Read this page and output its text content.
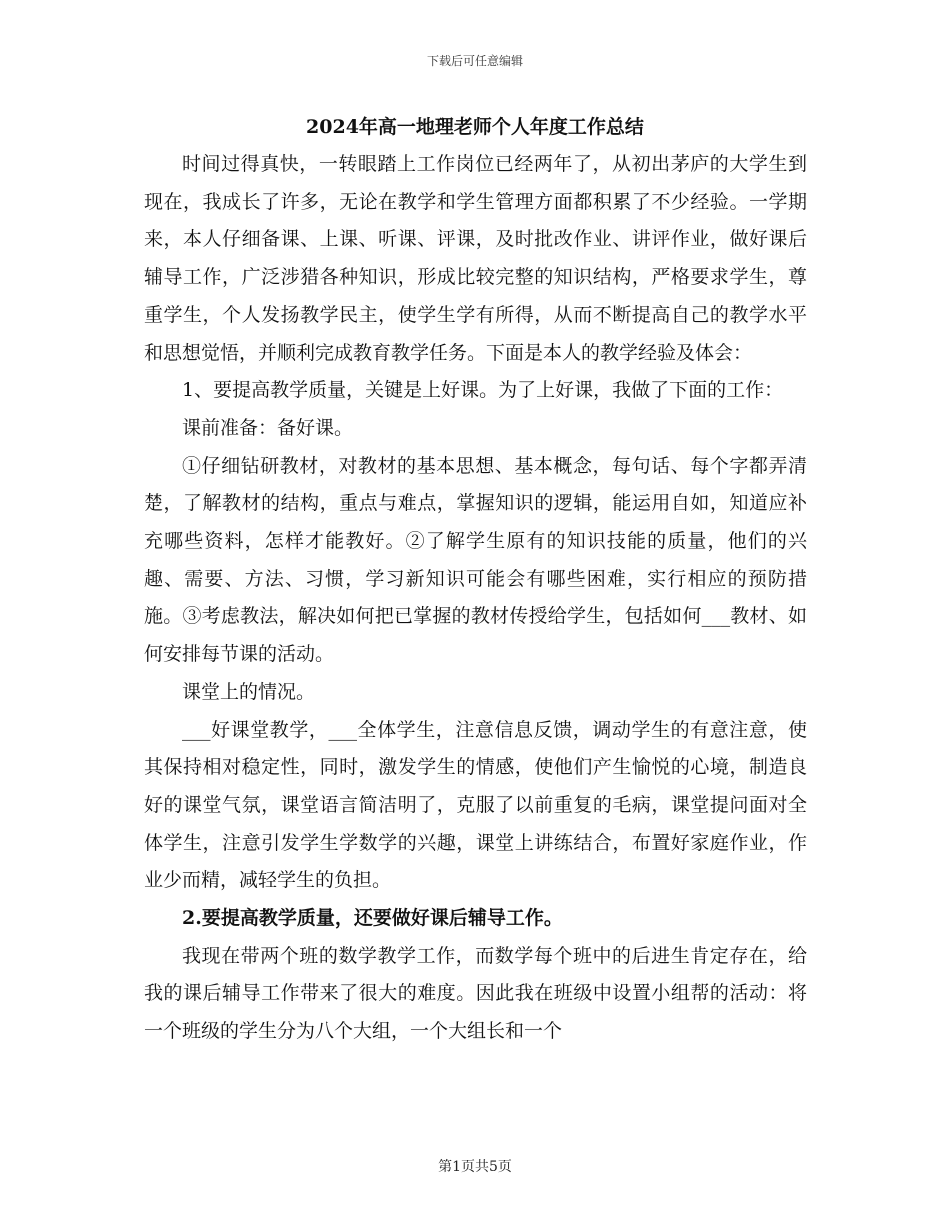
下载后可任意编辑
2024年高一地理老师个人年度工作总结

时间过得真快，一转眼踏上工作岗位已经两年了，从初出茅庐的大学生到现在，我成长了许多，无论在教学和学生管理方面都积累了不少经验。一学期来，本人仔细备课、上课、听课、评课，及时批改作业、讲评作业，做好课后辅导工作，广泛涉猎各种知识，形成比较完整的知识结构，严格要求学生，尊重学生，个人发扬教学民主，使学生学有所得，从而不断提高自己的教学水平和思想觉悟，并顺利完成教育教学任务。下面是本人的教学经验及体会：

1、要提高教学质量，关键是上好课。为了上好课，我做了下面的工作：

课前准备：备好课。

①仔细钻研教材，对教材的基本思想、基本概念，每句话、每个字都弄清楚，了解教材的结构，重点与难点，掌握知识的逻辑，能运用自如，知道应补充哪些资料，怎样才能教好。②了解学生原有的知识技能的质量，他们的兴趣、需要、方法、习惯，学习新知识可能会有哪些困难，实行相应的预防措施。③考虑教法，解决如何把已掌握的教材传授给学生，包括如何___教材、如何安排每节课的活动。

课堂上的情况。

___好课堂教学，___全体学生，注意信息反馈，调动学生的有意注意，使其保持相对稳定性，同时，激发学生的情感，使他们产生愉悦的心境，制造良好的课堂气氛，课堂语言简洁明了，克服了以前重复的毛病，课堂提问面对全体学生，注意引发学生学数学的兴趣，课堂上讲练结合，布置好家庭作业，作业少而精，减轻学生的负担。

2.要提高教学质量，还要做好课后辅导工作。

我现在带两个班的数学教学工作，而数学每个班中的后进生肯定存在，给我的课后辅导工作带来了很大的难度。因此我在班级中设置小组帮的活动：将一个班级的学生分为八个大组，一个大组长和一个

第1页共5页
